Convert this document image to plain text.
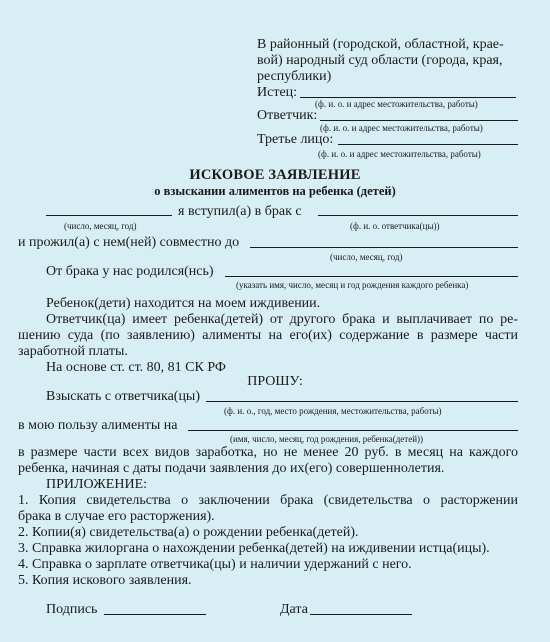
В районный (городской, областной, крае-
вой) народный суд области (города, края,
республики)
Истец:
(ф. и. о. и адрес местожительства, работы)
Ответчик:
(ф. и. о. и адрес местожительства, работы)
Третье лицо:
(ф. и. о. и адрес местожительства, работы)
ИСКОВОЕ ЗАЯВЛЕНИЕ
о взыскании алиментов на ребенка (детей)
я вступил(а) в брак с
(число, месяц, год)	(ф. и. о. ответчика(цы))
и прожил(а) с нем(ней) совместно до
(число, месяц, год)
От брака у нас родился(нсь)
(указать имя, число, месяц и год рождения каждого ребенка)
Ребенок(дети) находится на моем иждивении.
Ответчик(ца) имеет ребенка(детей) от другого брака и выплачивает по ре-
шению суда (по заявлению) алименты на его(их) содержание в размере части
заработной платы.
На основе ст. ст. 80, 81 СК РФ
ПРОШУ:
Взыскать с ответчика(цы)
(ф. и. о., год, место рождения, местожительства, работы)
в мою пользу алименты на
(имя, число, месяц, год рождения, ребенка(детей))
в размере части всех видов заработка, но не менее 20 руб. в месяц на каждого
ребенка, начиная с даты подачи заявления до их(его) совершеннолетия.
ПРИЛОЖЕНИЕ:
1. Копия свидетельства о заключении брака (свидетельства о расторжении
брака в случае его расторжения).
2. Копии(я) свидетельства(а) о рождении ребенка(детей).
3. Справка жилоргана о нахождении ребенка(детей) на иждивении истца(ицы).
4. Справка о зарплате ответчика(цы) и наличии удержаний с него.
5. Копия искового заявления.
Подпись	Дата
